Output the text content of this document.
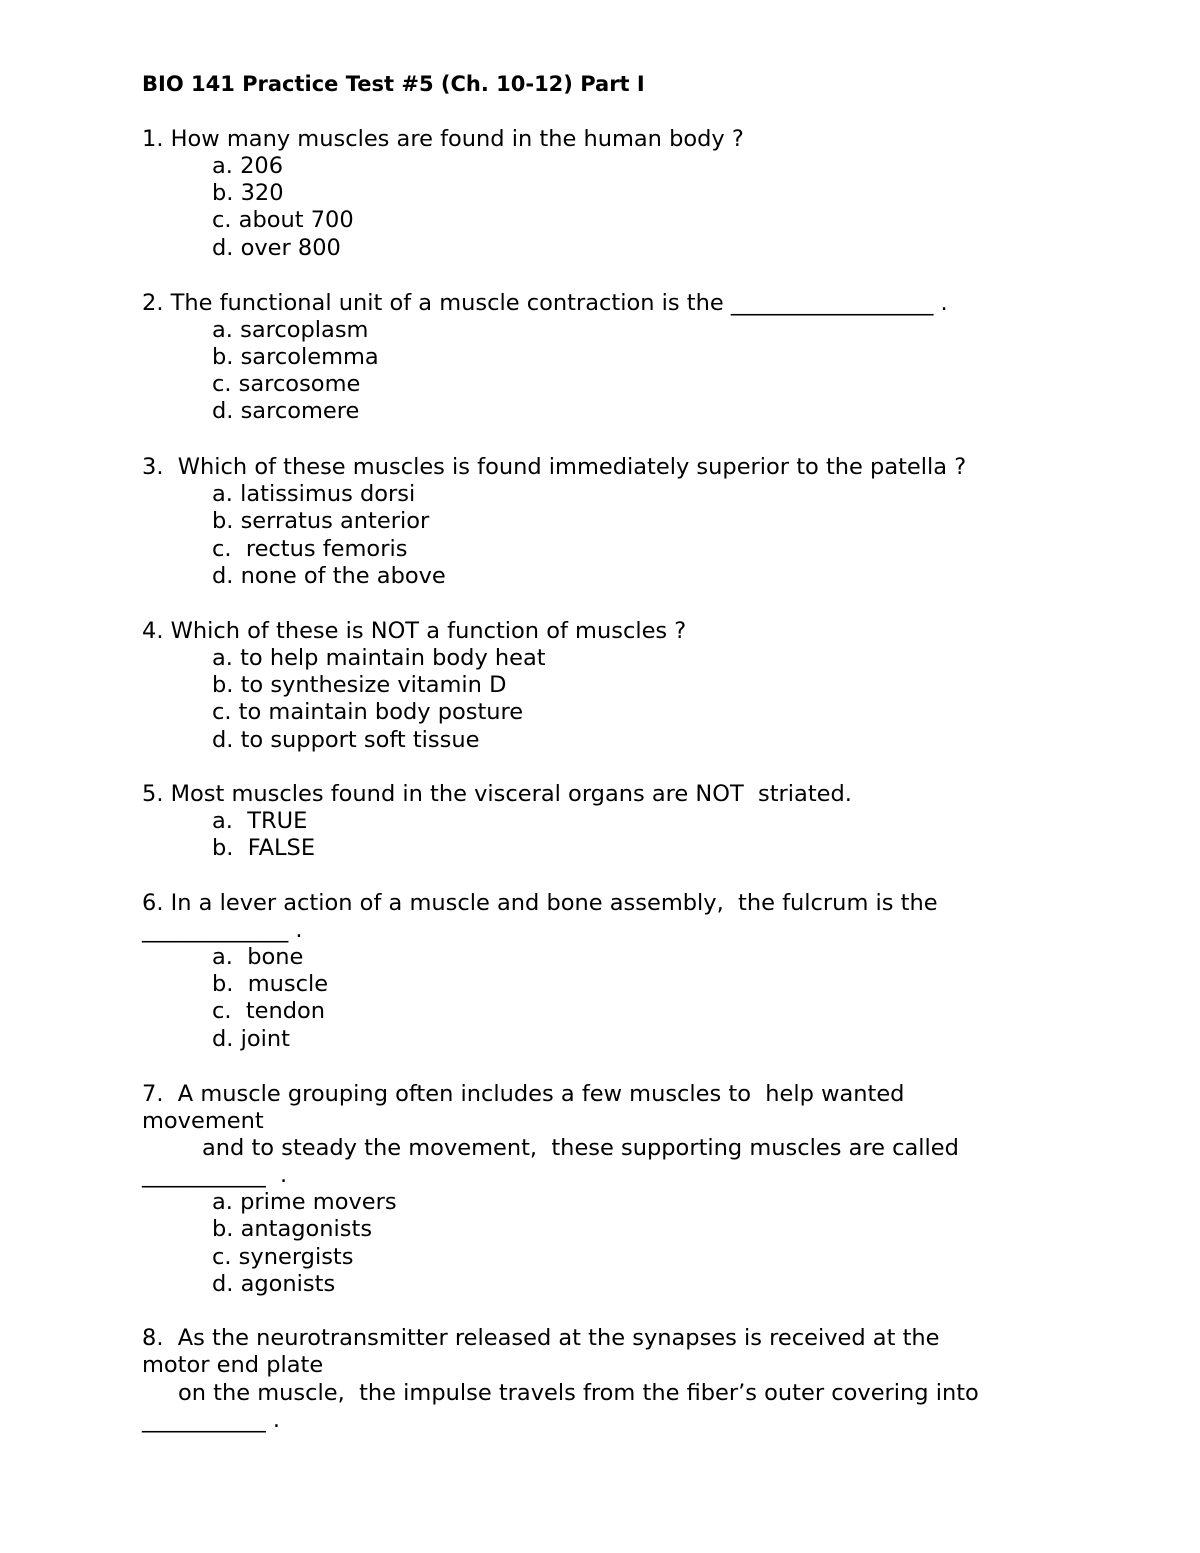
BIO 141 Practice Test #5 (Ch. 10-12) Part I
1. How many muscles are found in the human body ?
a. 206
b. 320
c. about 700
d. over 800
2. The functional unit of a muscle contraction is the __________________ .
a. sarcoplasm
b. sarcolemma
c. sarcosome
d. sarcomere
3.  Which of these muscles is found immediately superior to the patella ?
a. latissimus dorsi
b. serratus anterior
c.  rectus femoris
d. none of the above
4. Which of these is NOT a function of muscles ?
a. to help maintain body heat
b. to synthesize vitamin D
c. to maintain body posture
d. to support soft tissue
5. Most muscles found in the visceral organs are NOT  striated.
a.  TRUE
b.  FALSE
6. In a lever action of a muscle and bone assembly,  the fulcrum is the
_____________ .
a.  bone
b.  muscle
c.  tendon
d. joint
7.  A muscle grouping often includes a few muscles to  help wanted
movement
and to steady the movement,  these supporting muscles are called
___________  .
a. prime movers
b. antagonists
c. synergists
d. agonists
8.  As the neurotransmitter released at the synapses is received at the
motor end plate
on the muscle,  the impulse travels from the fiber’s outer covering into
___________ .
